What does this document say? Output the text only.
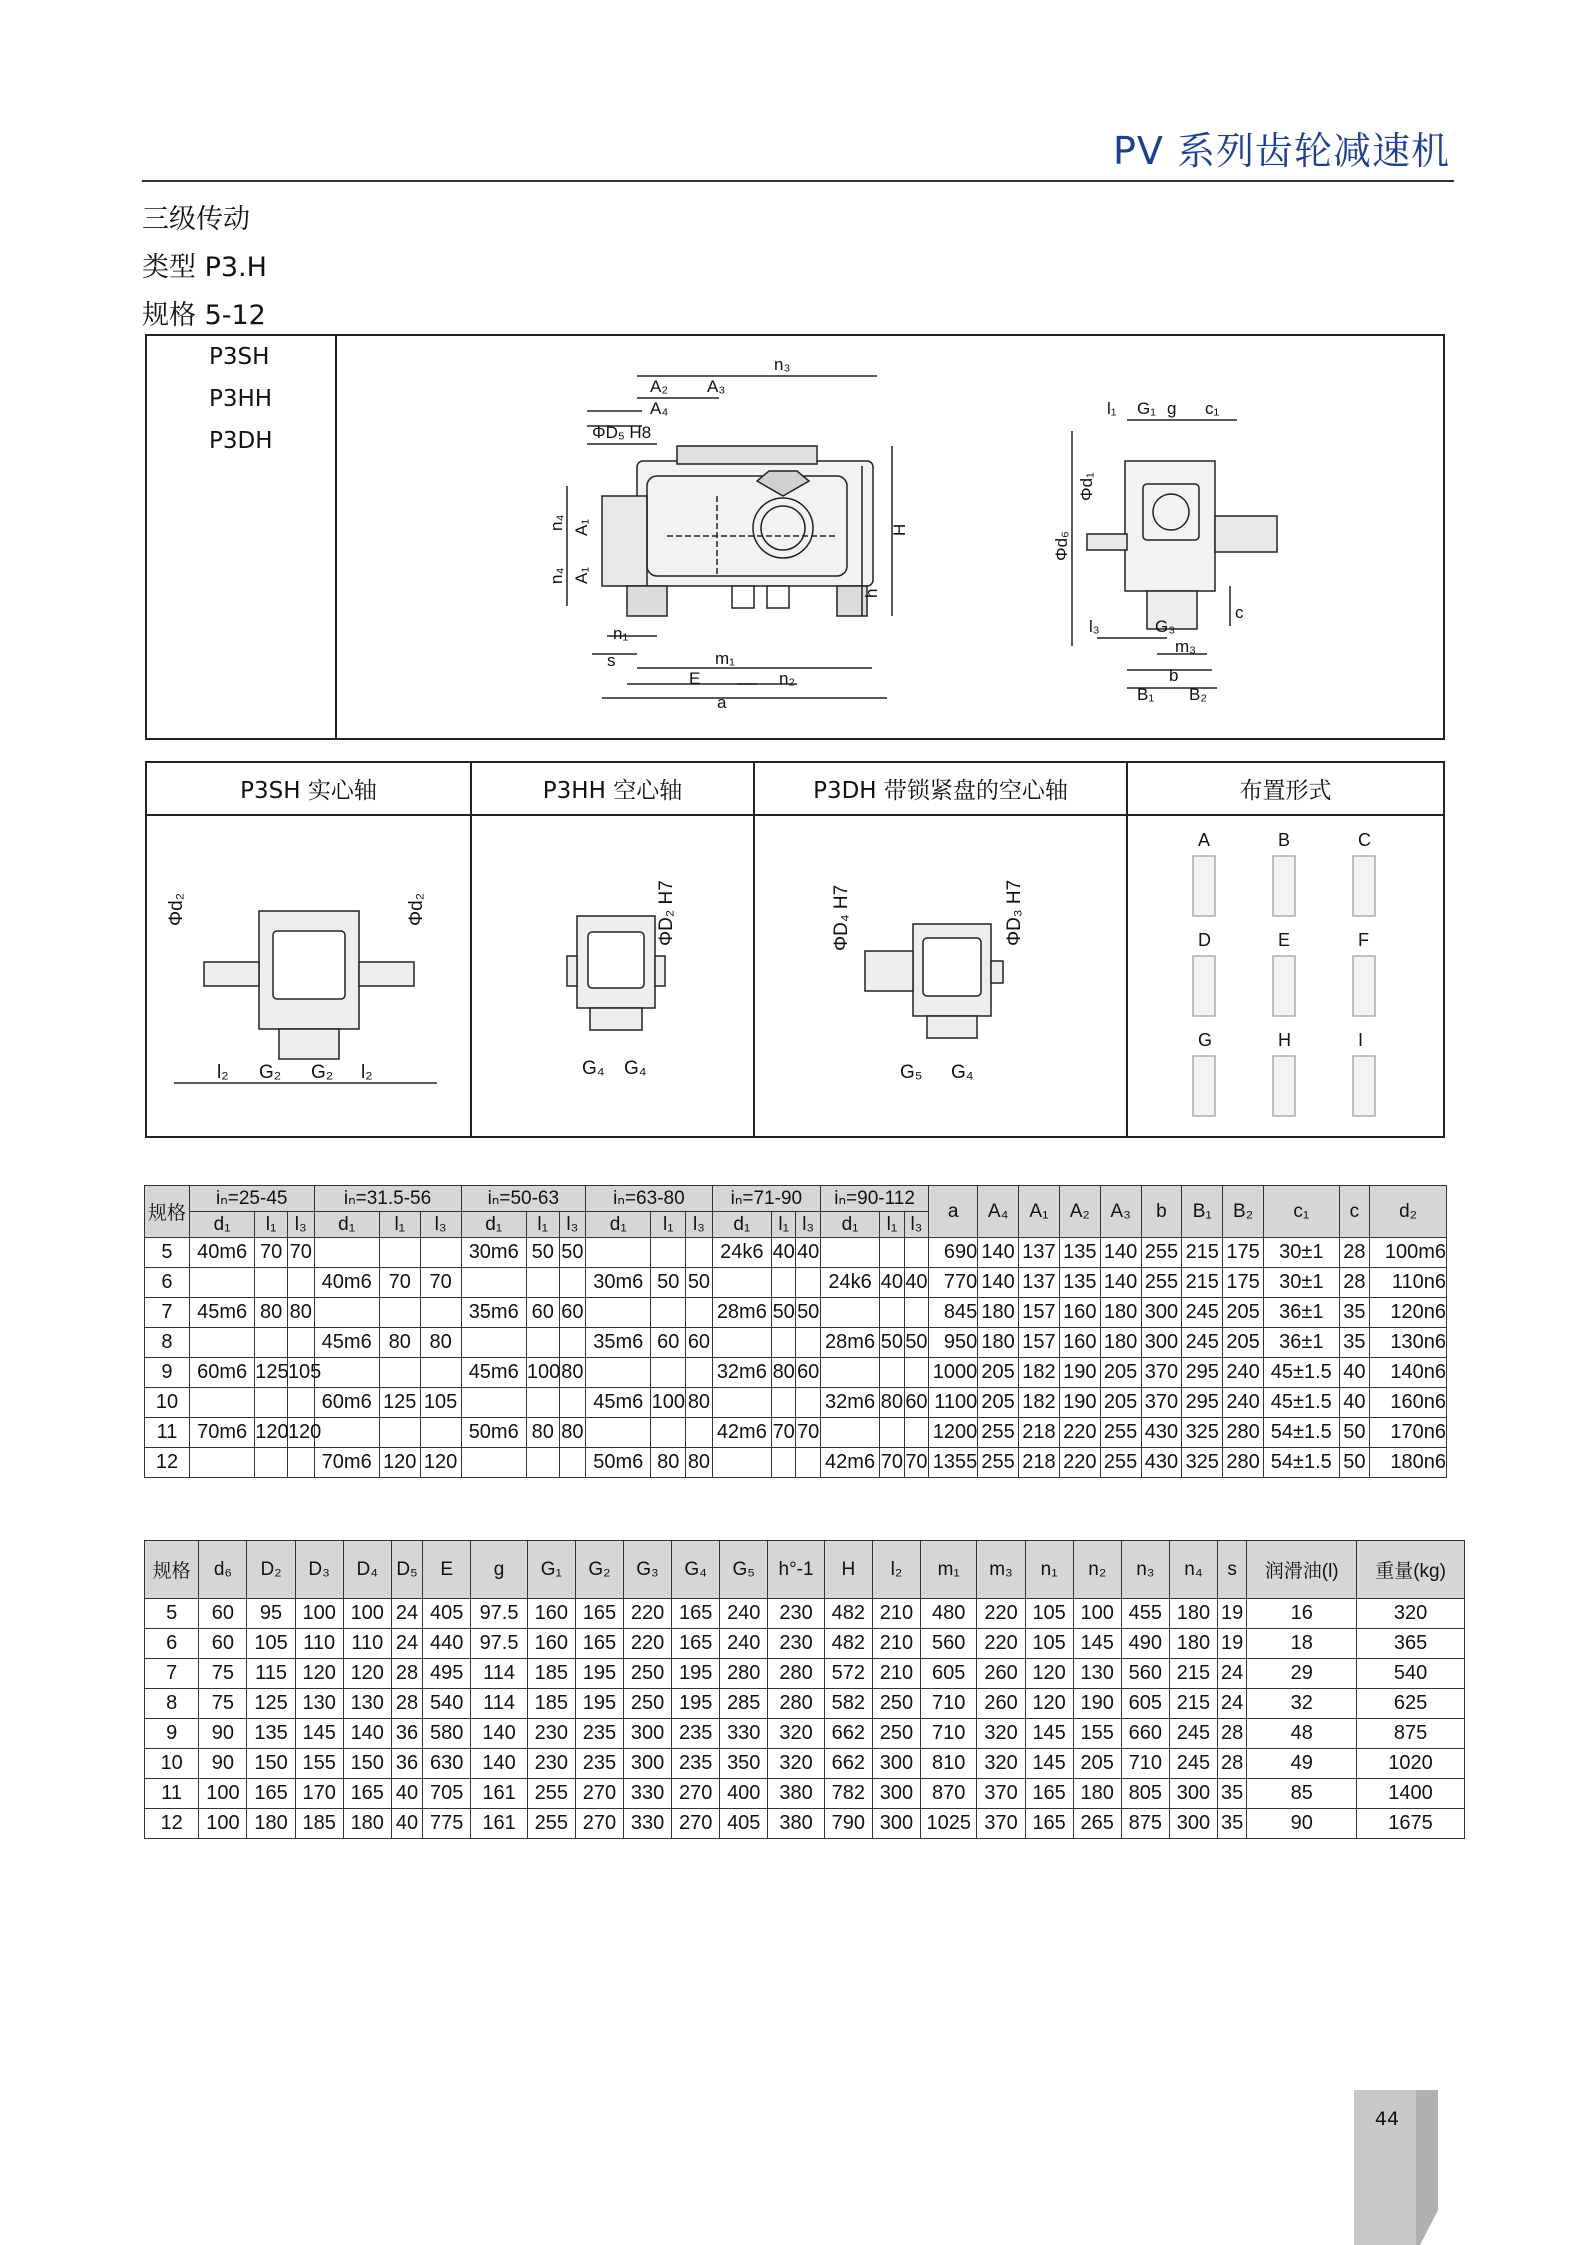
PV 系列齿轮减速机
三级传动
类型 P3.H
规格 5-12
P3SH
P3HH
P3DH
n₃
A₂ A₃
A₄
ΦD₅ H8
n₄ A₁
n₄ A₁
H
h
n₁
s	m₁
E	n₂
a
l₁ G₁ g c₁
Φd₁
Φd₆
c
l₃	G₃
m₃
b
B₁ B₂
P3SH 实心轴
Φd₂	Φd₂
l₂ G₂ G₂ l₂
P3HH 空心轴
ΦD₂ H7
G₄ G₄
P3DH 带锁紧盘的空心轴
ΦD₄ H7	ΦD₃ H7
G₅ G₄
布置形式
A	B	C
D	E	F
G	H	I
规格	iₙ=25-45			iₙ=31.5-56			iₙ=50-63			iₙ=63-80			iₙ=71-90			iₙ=90-112			a	A₄	A₁	A₂	A₃	b	B₁	B₂	c₁	c	d₂
	d₁	l₁	l₃	d₁	l₁	l₃	d₁	l₁	l₃	d₁	l₁	l₃	d₁	l₁	l₃	d₁	l₁	l₃											
5	40m6	70	70				30m6	50	50				24k6	40	40				690	140	137	135	140	255	215	175	30±1	28	100m6
6				40m6	70	70				30m6	50	50				24k6	40	40	770	140	137	135	140	255	215	175	30±1	28	110n6
7	45m6	80	80				35m6	60	60				28m6	50	50				845	180	157	160	180	300	245	205	36±1	35	120n6
8				45m6	80	80				35m6	60	60				28m6	50	50	950	180	157	160	180	300	245	205	36±1	35	130n6
9	60m6	125	105				45m6	100	80				32m6	80	60				1000	205	182	190	205	370	295	240	45±1.5	40	140n6
10				60m6	125	105				45m6	100	80				32m6	80	60	1100	205	182	190	205	370	295	240	45±1.5	40	160n6
11	70m6	120	120				50m6	80	80				42m6	70	70				1200	255	218	220	255	430	325	280	54±1.5	50	170n6
12				70m6	120	120				50m6	80	80				42m6	70	70	1355	255	218	220	255	430	325	280	54±1.5	50	180n6
规格	d₆	D₂	D₃	D₄	D₅	E	g	G₁	G₂	G₃	G₄	G₅	h°-1	H	l₂	m₁	m₃	n₁	n₂	n₃	n₄	s	润滑油(l)	重量(kg)
5	60	95	100	100	24	405	97.5	160	165	220	165	240	230	482	210	480	220	105	100	455	180	19	16	320
6	60	105	110	110	24	440	97.5	160	165	220	165	240	230	482	210	560	220	105	145	490	180	19	18	365
7	75	115	120	120	28	495	114	185	195	250	195	280	280	572	210	605	260	120	130	560	215	24	29	540
8	75	125	130	130	28	540	114	185	195	250	195	285	280	582	250	710	260	120	190	605	215	24	32	625
9	90	135	145	140	36	580	140	230	235	300	235	330	320	662	250	710	320	145	155	660	245	28	48	875
10	90	150	155	150	36	630	140	230	235	300	235	350	320	662	300	810	320	145	205	710	245	28	49	1020
11	100	165	170	165	40	705	161	255	270	330	270	400	380	782	300	870	370	165	180	805	300	35	85	1400
12	100	180	185	180	40	775	161	255	270	330	270	405	380	790	300	1025	370	165	265	875	300	35	90	1675
44
